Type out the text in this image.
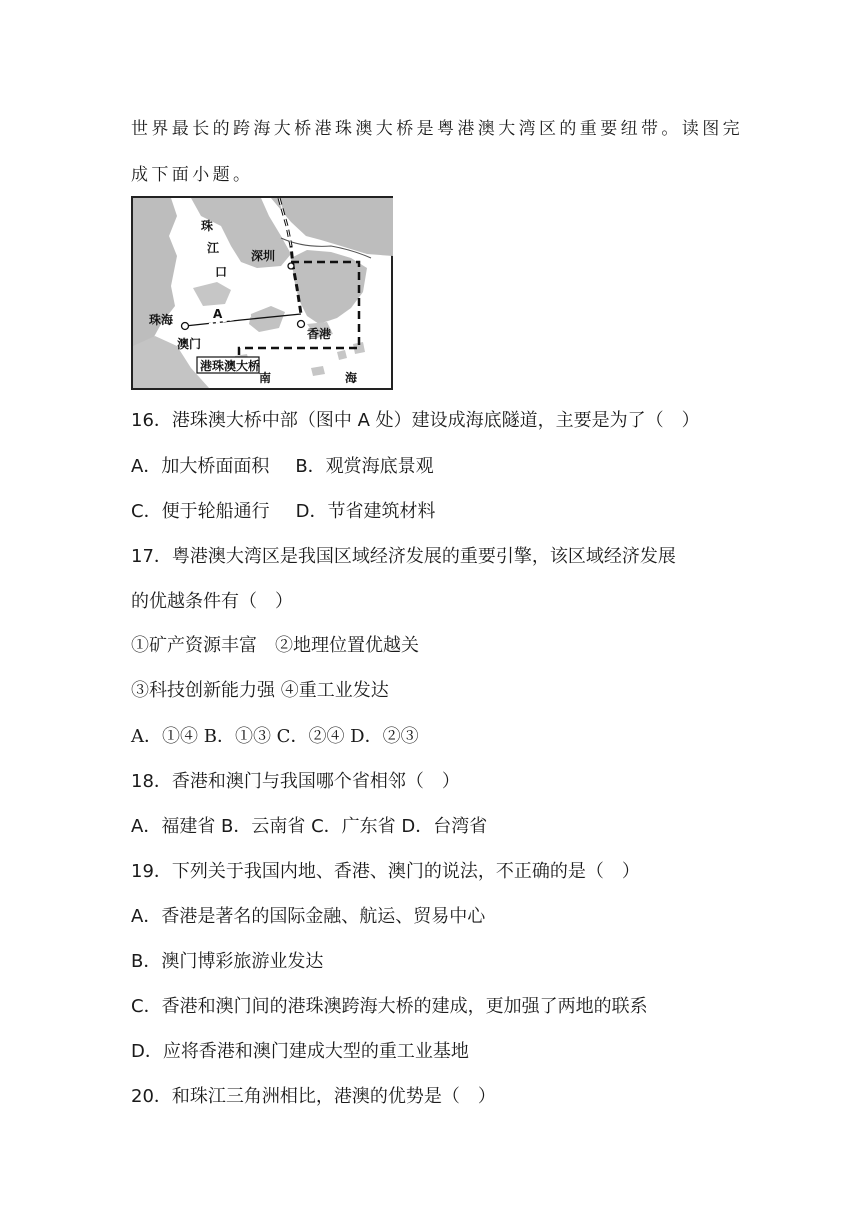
世界最长的跨海大桥港珠澳大桥是粤港澳大湾区的重要纽带。读图完
成下面小题。
珠
江
口
A
深圳
珠海
澳门
香港
港珠澳大桥
南	海
16．港珠澳大桥中部（图中 A 处）建设成海底隧道，主要是为了（　）
A．加大桥面面积 B．观赏海底景观
C．便于轮船通行 D．节省建筑材料
17．粤港澳大湾区是我国区域经济发展的重要引擎，该区域经济发展
的优越条件有（　）
①矿产资源丰富　②地理位置优越关
③科技创新能力强 ④重工业发达
A．①④ B．①③ C．②④ D．②③
18．香港和澳门与我国哪个省相邻（　）
A．福建省 B．云南省 C．广东省 D．台湾省
19．下列关于我国内地、香港、澳门的说法，不正确的是（　）
A．香港是著名的国际金融、航运、贸易中心
B．澳门博彩旅游业发达
C．香港和澳门间的港珠澳跨海大桥的建成，更加强了两地的联系
D．应将香港和澳门建成大型的重工业基地
20．和珠江三角洲相比，港澳的优势是（　）
